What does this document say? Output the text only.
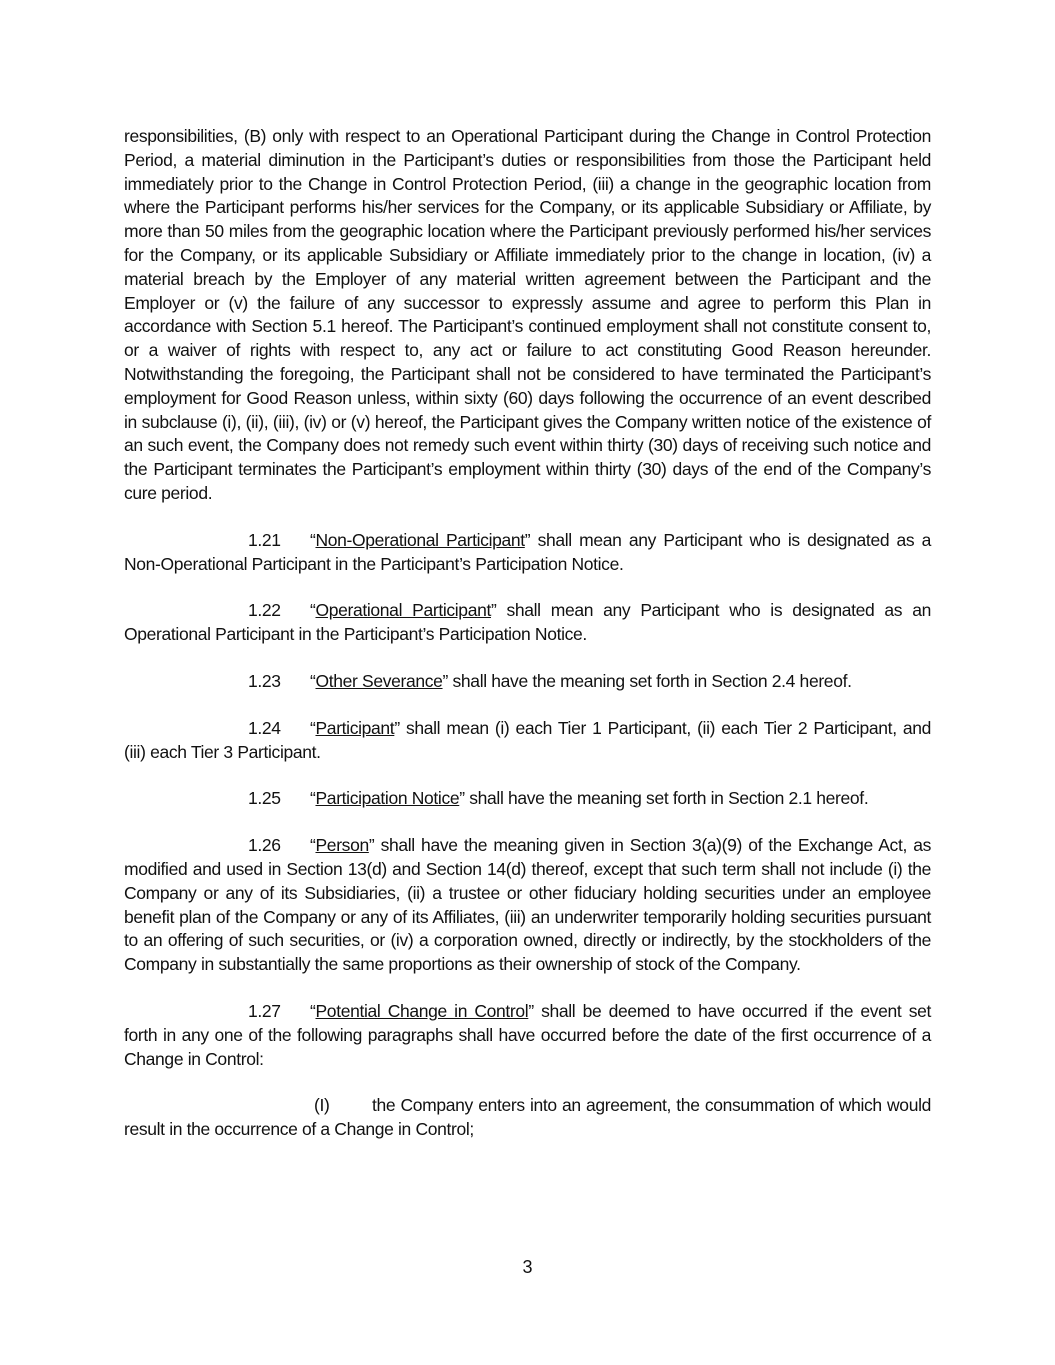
responsibilities, (B) only with respect to an Operational Participant during the Change in Control Protection Period, a material diminution in the Participant’s duties or responsibilities from those the Participant held immediately prior to the Change in Control Protection Period, (iii) a change in the geographic location from where the Participant performs his/her services for the Company, or its applicable Subsidiary or Affiliate, by more than 50 miles from the geographic location where the Participant previously performed his/her services for the Company, or its applicable Subsidiary or Affiliate immediately prior to the change in location, (iv) a material breach by the Employer of any material written agreement between the Participant and the Employer or (v) the failure of any successor to expressly assume and agree to perform this Plan in accordance with Section 5.1 hereof. The Participant’s continued employment shall not constitute consent to, or a waiver of rights with respect to, any act or failure to act constituting Good Reason hereunder. Notwithstanding the foregoing, the Participant shall not be considered to have terminated the Participant’s employment for Good Reason unless, within sixty (60) days following the occurrence of an event described in subclause (i), (ii), (iii), (iv) or (v) hereof, the Participant gives the Company written notice of the existence of an such event, the Company does not remedy such event within thirty (30) days of receiving such notice and the Participant terminates the Participant’s employment within thirty (30) days of the end of the Company’s cure period.

1.21 “Non-Operational Participant” shall mean any Participant who is designated as a Non-Operational Participant in the Participant’s Participation Notice.

1.22 “Operational Participant” shall mean any Participant who is designated as an Operational Participant in the Participant’s Participation Notice.

1.23 “Other Severance” shall have the meaning set forth in Section 2.4 hereof.

1.24 “Participant” shall mean (i) each Tier 1 Participant, (ii) each Tier 2 Participant, and (iii) each Tier 3 Participant.

1.25 “Participation Notice” shall have the meaning set forth in Section 2.1 hereof.

1.26 “Person” shall have the meaning given in Section 3(a)(9) of the Exchange Act, as modified and used in Section 13(d) and Section 14(d) thereof, except that such term shall not include (i) the Company or any of its Subsidiaries, (ii) a trustee or other fiduciary holding securities under an employee benefit plan of the Company or any of its Affiliates, (iii) an underwriter temporarily holding securities pursuant to an offering of such securities, or (iv) a corporation owned, directly or indirectly, by the stockholders of the Company in substantially the same proportions as their ownership of stock of the Company.

1.27 “Potential Change in Control” shall be deemed to have occurred if the event set forth in any one of the following paragraphs shall have occurred before the date of the first occurrence of a Change in Control:

(I) the Company enters into an agreement, the consummation of which would result in the occurrence of a Change in Control;

3
